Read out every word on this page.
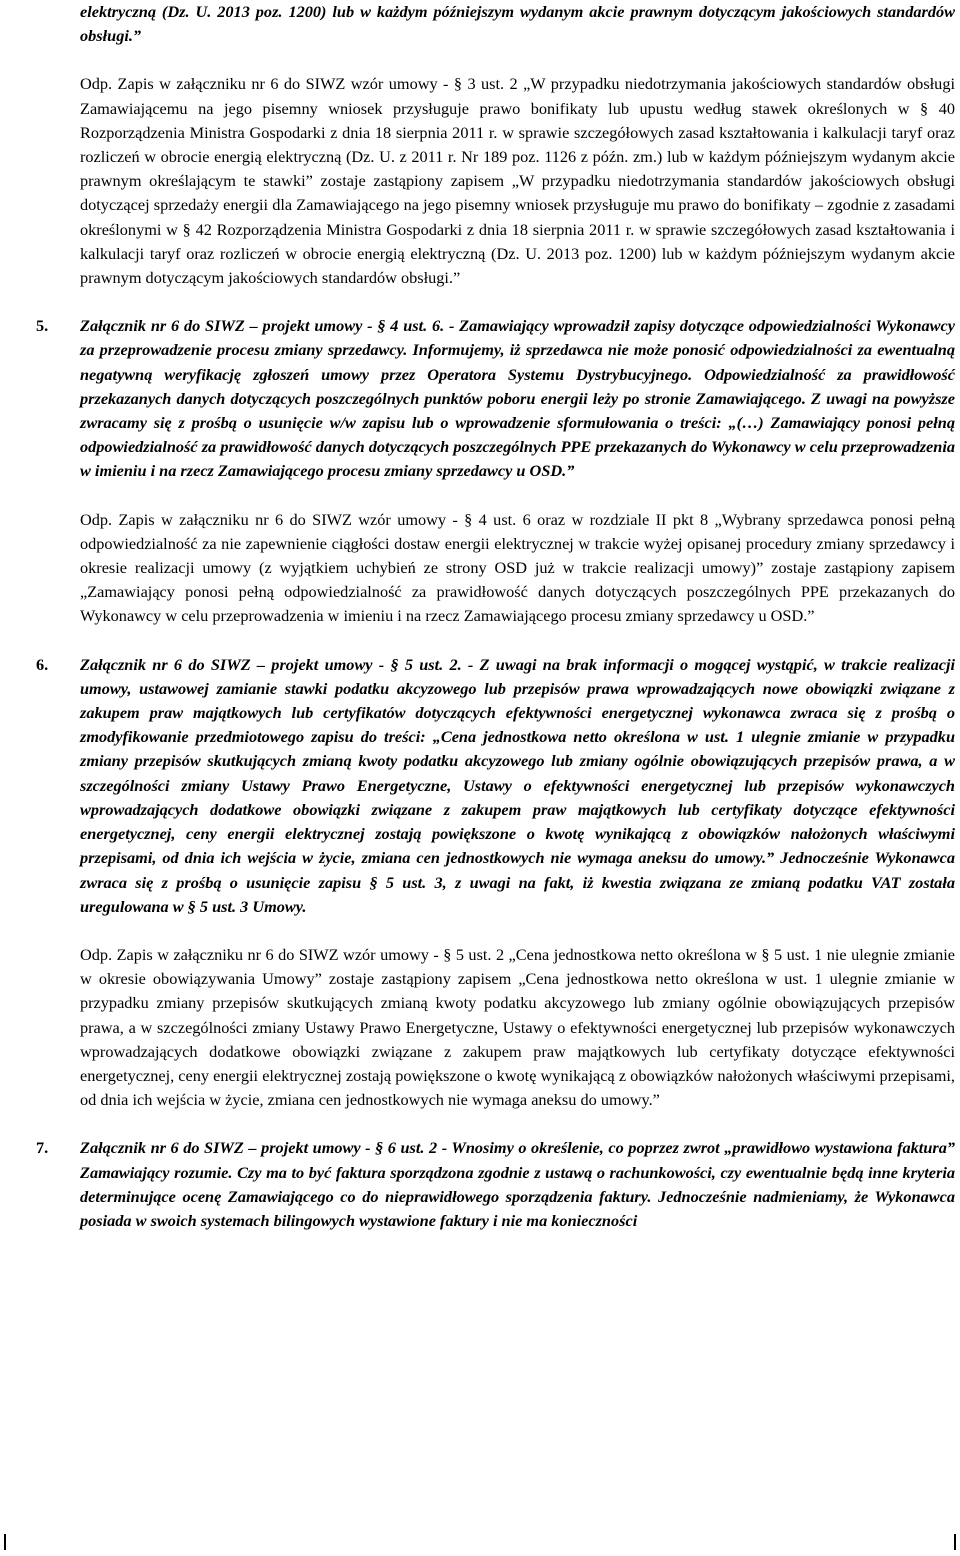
elektryczną (Dz. U. 2013 poz. 1200) lub w każdym późniejszym wydanym akcie prawnym dotyczącym jakościowych standardów obsługi.”

Odp. Zapis w załączniku nr 6 do SIWZ wzór umowy - § 3 ust. 2 „W przypadku niedotrzymania jakościowych standardów obsługi Zamawiającemu na jego pisemny wniosek przysługuje prawo bonifikaty lub upustu według stawek określonych w § 40 Rozporządzenia Ministra Gospodarki z dnia 18 sierpnia 2011 r. w sprawie szczegółowych zasad kształtowania i kalkulacji taryf oraz rozliczeń w obrocie energią elektryczną (Dz. U. z 2011 r. Nr 189 poz. 1126 z późn. zm.) lub w każdym późniejszym wydanym akcie prawnym określającym te stawki” zostaje zastąpiony zapisem „W przypadku niedotrzymania standardów jakościowych obsługi dotyczącej sprzedaży energii dla Zamawiającego na jego pisemny wniosek przysługuje mu prawo do bonifikaty – zgodnie z zasadami określonymi w § 42 Rozporządzenia Ministra Gospodarki z dnia 18 sierpnia 2011 r. w sprawie szczegółowych zasad kształtowania i kalkulacji taryf oraz rozliczeń w obrocie energią elektryczną (Dz. U. 2013 poz. 1200) lub w każdym późniejszym wydanym akcie prawnym dotyczącym jakościowych standardów obsługi.”

5. Załącznik nr 6 do SIWZ – projekt umowy - § 4 ust. 6. - Zamawiający wprowadził zapisy dotyczące odpowiedzialności Wykonawcy za przeprowadzenie procesu zmiany sprzedawcy. Informujemy, iż sprzedawca nie może ponosić odpowiedzialności za ewentualną negatywną weryfikację zgłoszeń umowy przez Operatora Systemu Dystrybucyjnego. Odpowiedzialność za prawidłowość przekazanych danych dotyczących poszczególnych punktów poboru energii leży po stronie Zamawiającego. Z uwagi na powyższe zwracamy się z prośbą o usunięcie w/w zapisu lub o wprowadzenie sformułowania o treści: „(…) Zamawiający ponosi pełną odpowiedzialność za prawidłowość danych dotyczących poszczególnych PPE przekazanych do Wykonawcy w celu przeprowadzenia w imieniu i na rzecz Zamawiającego procesu zmiany sprzedawcy u OSD.”

Odp. Zapis w załączniku nr 6 do SIWZ wzór umowy - § 4 ust. 6 oraz w rozdziale II pkt 8 „Wybrany sprzedawca ponosi pełną odpowiedzialność za nie zapewnienie ciągłości dostaw energii elektrycznej w trakcie wyżej opisanej procedury zmiany sprzedawcy i okresie realizacji umowy (z wyjątkiem uchybień ze strony OSD już w trakcie realizacji umowy)” zostaje zastąpiony zapisem „Zamawiający ponosi pełną odpowiedzialność za prawidłowość danych dotyczących poszczególnych PPE przekazanych do Wykonawcy w celu przeprowadzenia w imieniu i na rzecz Zamawiającego procesu zmiany sprzedawcy u OSD.”

6. Załącznik nr 6 do SIWZ – projekt umowy - § 5 ust. 2. - Z uwagi na brak informacji o mogącej wystąpić, w trakcie realizacji umowy, ustawowej zamianie stawki podatku akcyzowego lub przepisów prawa wprowadzających nowe obowiązki związane z zakupem praw majątkowych lub certyfikatów dotyczących efektywności energetycznej wykonawca zwraca się z prośbą o zmodyfikowanie przedmiotowego zapisu do treści: „Cena jednostkowa netto określona w ust. 1 ulegnie zmianie w przypadku zmiany przepisów skutkujących zmianą kwoty podatku akcyzowego lub zmiany ogólnie obowiązujących przepisów prawa, a w szczególności zmiany Ustawy Prawo Energetyczne, Ustawy o efektywności energetycznej lub przepisów wykonawczych wprowadzających dodatkowe obowiązki związane z zakupem praw majątkowych lub certyfikaty dotyczące efektywności energetycznej, ceny energii elektrycznej zostają powiększone o kwotę wynikającą z obowiązków nałożonych właściwymi przepisami, od dnia ich wejścia w życie, zmiana cen jednostkowych nie wymaga aneksu do umowy.” Jednocześnie Wykonawca zwraca się z prośbą o usunięcie zapisu § 5 ust. 3, z uwagi na fakt, iż kwestia związana ze zmianą podatku VAT została uregulowana w § 5 ust. 3 Umowy.

Odp. Zapis w załączniku nr 6 do SIWZ wzór umowy - § 5 ust. 2 „Cena jednostkowa netto określona w § 5 ust. 1 nie ulegnie zmianie w okresie obowiązywania Umowy” zostaje zastąpiony zapisem „Cena jednostkowa netto określona w ust. 1 ulegnie zmianie w przypadku zmiany przepisów skutkujących zmianą kwoty podatku akcyzowego lub zmiany ogólnie obowiązujących przepisów prawa, a w szczególności zmiany Ustawy Prawo Energetyczne, Ustawy o efektywności energetycznej lub przepisów wykonawczych wprowadzających dodatkowe obowiązki związane z zakupem praw majątkowych lub certyfikaty dotyczące efektywności energetycznej, ceny energii elektrycznej zostają powiększone o kwotę wynikającą z obowiązków nałożonych właściwymi przepisami, od dnia ich wejścia w życie, zmiana cen jednostkowych nie wymaga aneksu do umowy.”

7. Załącznik nr 6 do SIWZ – projekt umowy - § 6 ust. 2 - Wnosimy o określenie, co poprzez zwrot „prawidłowo wystawiona faktura” Zamawiający rozumie. Czy ma to być faktura sporządzona zgodnie z ustawą o rachunkowości, czy ewentualnie będą inne kryteria determinujące ocenę Zamawiającego co do nieprawidłowego sporządzenia faktury. Jednocześnie nadmieniamy, że Wykonawca posiada w swoich systemach bilingowych wystawione faktury i nie ma konieczności
